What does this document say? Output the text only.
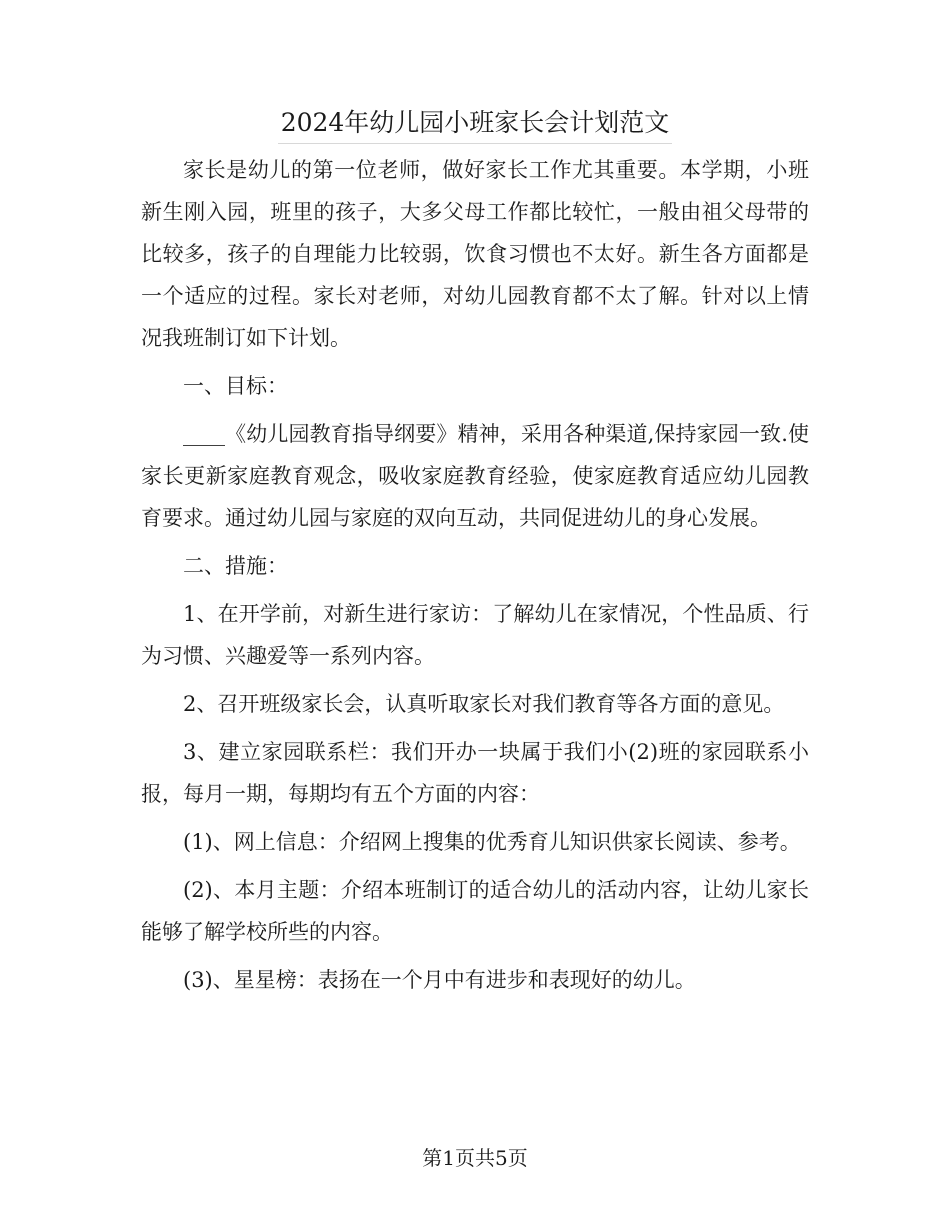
2024年幼儿园小班家长会计划范文

家长是幼儿的第一位老师，做好家长工作尤其重要。本学期，小班新生刚入园，班里的孩子，大多父母工作都比较忙，一般由祖父母带的比较多，孩子的自理能力比较弱，饮食习惯也不太好。新生各方面都是一个适应的过程。家长对老师，对幼儿园教育都不太了解。针对以上情况我班制订如下计划。

一、目标：

____《幼儿园教育指导纲要》精神，采用各种渠道,保持家园一致.使家长更新家庭教育观念，吸收家庭教育经验，使家庭教育适应幼儿园教育要求。通过幼儿园与家庭的双向互动，共同促进幼儿的身心发展。

二、措施：

1、在开学前，对新生进行家访：了解幼儿在家情况，个性品质、行为习惯、兴趣爱等一系列内容。

2、召开班级家长会，认真听取家长对我们教育等各方面的意见。

3、建立家园联系栏：我们开办一块属于我们小(2)班的家园联系小报，每月一期，每期均有五个方面的内容：

(1)、网上信息：介绍网上搜集的优秀育儿知识供家长阅读、参考。

(2)、本月主题：介绍本班制订的适合幼儿的活动内容，让幼儿家长能够了解学校所些的内容。

(3)、星星榜：表扬在一个月中有进步和表现好的幼儿。

第1页共5页
